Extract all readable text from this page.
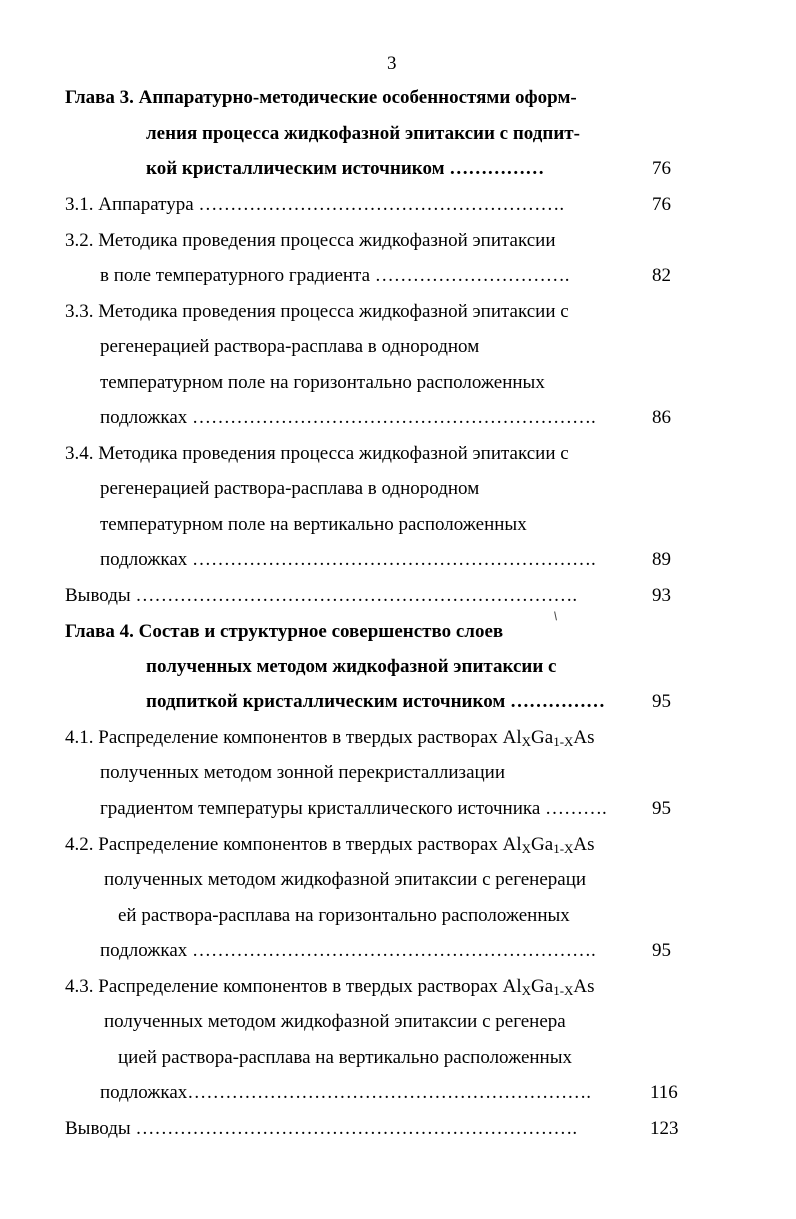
3
Глава 3. Аппаратурно-методические особенностями оформ-
ления процесса жидкофазной эпитаксии с подпит-
кой кристаллическим источником ……………	76
3.1. Аппаратура ………………………………………………….	76
3.2. Методика проведения процесса жидкофазной эпитаксии
в поле температурного градиента ………………………….	82
3.3. Методика проведения процесса жидкофазной эпитаксии с
регенерацией раствора-расплава в однородном
температурном поле на горизонтально расположенных
подложках ……………………………………………………….	86
3.4. Методика проведения процесса жидкофазной эпитаксии с
регенерацией раствора-расплава в однородном
температурном поле на вертикально расположенных
подложках ……………………………………………………….	89
Выводы …………………………………………………………….	93
Глава 4. Состав и структурное совершенство слоев
полученных методом жидкофазной эпитаксии с
подпиткой кристаллическим источником …………… 95
4.1. Распределение компонентов в твердых растворах $Al_XGa_{1-X}As$
полученных методом зонной перекристаллизации
градиентом температуры кристаллического источника ………. 95
4.2. Распределение компонентов в твердых растворах $Al_XGa_{1-X}As$
полученных методом жидкофазной эпитаксии с регенераци
ей раствора-расплава на горизонтально расположенных
подложках ……………………………………………………….	95
4.3. Распределение компонентов в твердых растворах $Al_XGa_{1-X}As$
полученных методом жидкофазной эпитаксии с регенера
цией раствора-расплава на вертикально расположенных
подложках……………………………………………………….	116
Выводы …………………………………………………………….	123
